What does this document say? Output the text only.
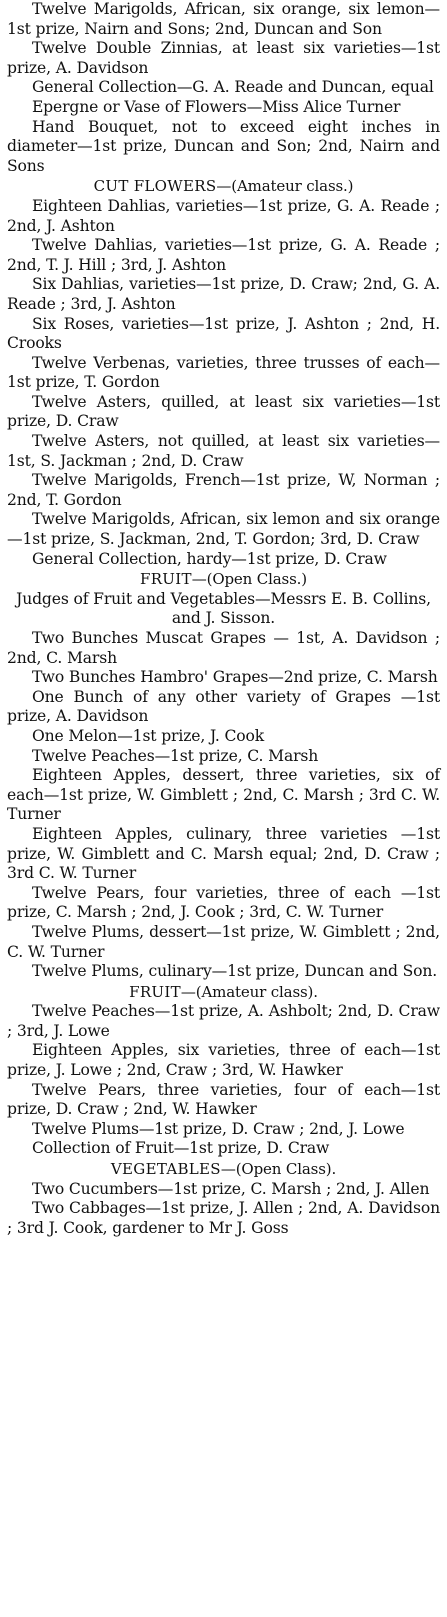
Twelve Marigolds, African, six orange, six lemon—1st prize, Nairn and Sons; 2nd, Duncan and Son

Twelve Double Zinnias, at least six varieties—1st prize, A. Davidson

General Collection—G. A. Reade and Duncan, equal

Epergne or Vase of Flowers—Miss Alice Turner

Hand Bouquet, not to exceed eight inches in diameter—1st prize, Duncan and Son; 2nd, Nairn and Sons

CUT FLOWERS—(Amateur class.)

Eighteen Dahlias, varieties—1st prize, G. A. Reade ; 2nd, J. Ashton

Twelve Dahlias, varieties—1st prize, G. A. Reade ; 2nd, T. J. Hill ; 3rd, J. Ashton

Six Dahlias, varieties—1st prize, D. Craw; 2nd, G. A. Reade ; 3rd, J. Ashton

Six Roses, varieties—1st prize, J. Ashton ; 2nd, H. Crooks

Twelve Verbenas, varieties, three trusses of each—1st prize, T. Gordon

Twelve Asters, quilled, at least six varieties—1st prize, D. Craw

Twelve Asters, not quilled, at least six varieties—1st, S. Jackman ; 2nd, D. Craw

Twelve Marigolds, French—1st prize, W, Norman ; 2nd, T. Gordon

Twelve Marigolds, African, six lemon and six orange—1st prize, S. Jackman, 2nd, T. Gordon; 3rd, D. Craw

General Collection, hardy—1st prize, D. Craw

FRUIT—(Open Class.)

Judges of Fruit and Vegetables—Messrs E. B. Collins, and J. Sisson.

Two Bunches Muscat Grapes — 1st, A. Davidson ; 2nd, C. Marsh

Two Bunches Hambro' Grapes—2nd prize, C. Marsh

One Bunch of any other variety of Grapes —1st prize, A. Davidson

One Melon—1st prize, J. Cook

Twelve Peaches—1st prize, C. Marsh

Eighteen Apples, dessert, three varieties, six of each—1st prize, W. Gimblett ; 2nd, C. Marsh ; 3rd C. W. Turner

Eighteen Apples, culinary, three varieties —1st prize, W. Gimblett and C. Marsh equal; 2nd, D. Craw ; 3rd C. W. Turner

Twelve Pears, four varieties, three of each —1st prize, C. Marsh ; 2nd, J. Cook ; 3rd, C. W. Turner

Twelve Plums, dessert—1st prize, W. Gimblett ; 2nd, C. W. Turner

Twelve Plums, culinary—1st prize, Duncan and Son.

FRUIT—(Amateur class).

Twelve Peaches—1st prize, A. Ashbolt; 2nd, D. Craw ; 3rd, J. Lowe

Eighteen Apples, six varieties, three of each—1st prize, J. Lowe ; 2nd, Craw ; 3rd, W. Hawker

Twelve Pears, three varieties, four of each—1st prize, D. Craw ; 2nd, W. Hawker

Twelve Plums—1st prize, D. Craw ; 2nd, J. Lowe

Collection of Fruit—1st prize, D. Craw

VEGETABLES—(Open Class).

Two Cucumbers—1st prize, C. Marsh ; 2nd, J. Allen

Two Cabbages—1st prize, J. Allen ; 2nd, A. Davidson ; 3rd J. Cook, gardener to Mr J. Goss
